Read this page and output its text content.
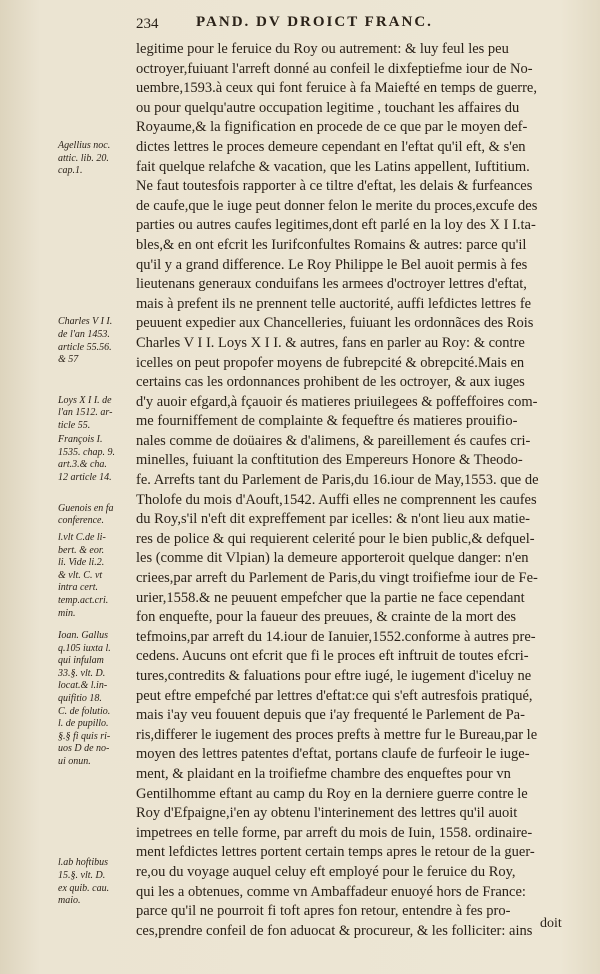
234	PAND. DV DROICT FRANC.
legitime pour le feruice du Roy ou autrement: & luy feul les peu
octroyer,fuiuant l'arreft donné au confeil le dixfeptiefme iour de No-
uembre,1593.à ceux qui font feruice à fa Maiefté en temps de guerre,
ou pour quelqu'autre occupation legitime , touchant les affaires du
Royaume,& la fignification en procede de ce que par le moyen def-
dictes lettres le proces demeure cependant en l'eftat qu'il eft, & s'en
fait quelque relafche & vacation, que les Latins appellent, Iuftitium.
Ne faut toutesfois rapporter à ce tiltre d'eftat, les delais & furfeances
de caufe,que le iuge peut donner felon le merite du proces,excufe des
parties ou autres caufes legitimes,dont eft parlé en la loy des X I I.ta-
bles,& en ont efcrit les Iurifconfultes Romains & autres: parce qu'il
qu'il y a grand difference. Le Roy Philippe le Bel auoit permis à fes
lieutenans generaux conduifans les armees d'octroyer lettres d'eftat,
mais à prefent ils ne prennent telle auctorité, auffi lefdictes lettres fe
peuuent expedier aux Chancelleries, fuiuant les ordonnãces des Rois
Charles V I I. Loys X I I. & autres, fans en parler au Roy: & contre
icelles on peut propofer moyens de fubrepcité & obrepcité.Mais en
certains cas les ordonnances prohibent de les octroyer, & aux iuges
d'y auoir efgard,à fçauoir és matieres priuilegees & poffeffoires com-
me fourniffement de complainte & fequeftre és matieres prouifio-
nales comme de doüaires & d'alimens, & pareillement és caufes cri-
minelles, fuiuant la conftitution des Empereurs Honore & Theodo-
fe. Arrefts tant du Parlement de Paris,du 16.iour de May,1553. que de
Tholofe du mois d'Aouft,1542. Auffi elles ne comprennent les caufes
du Roy,s'il n'eft dit expreffement par icelles: & n'ont lieu aux matie-
res de police & qui requierent celerité pour le bien public,& defquel-
les (comme dit Vlpian) la demeure apporteroit quelque danger: n'en
criees,par arreft du Parlement de Paris,du vingt troifiefme iour de Fe-
urier,1558.& ne peuuent empefcher que la partie ne face cependant
fon enquefte, pour la faueur des preuues, & crainte de la mort des
tefmoins,par arreft du 14.iour de Ianuier,1552.conforme à autres pre-
cedens. Aucuns ont efcrit que fi le proces eft inftruit de toutes efcri-
tures,contredits & faluations pour eftre iugé, le iugement d'iceluy ne
peut eftre empefché par lettres d'eftat:ce qui s'eft autresfois pratiqué,
mais i'ay veu fouuent depuis que i'ay frequenté le Parlement de Pa-
ris,differer le iugement des proces prefts à mettre fur le Bureau,par le
moyen des lettres patentes d'eftat, portans claufe de furfeoir le iuge-
ment, & plaidant en la troifiefme chambre des enqueftes pour vn
Gentilhomme eftant au camp du Roy en la derniere guerre contre le
Roy d'Efpaigne,i'en ay obtenu l'interinement des lettres qu'il auoit
impetrees en telle forme, par arreft du mois de Iuin, 1558. ordinaire-
ment lefdictes lettres portent certain temps apres le retour de la guer-
re,ou du voyage auquel celuy eft employé pour le feruice du Roy,
qui les a obtenues, comme vn Ambaffadeur enuoyé hors de France:
parce qu'il ne pourroit fi toft apres fon retour, entendre à fes pro-
ces,prendre confeil de fon aduocat & procureur, & les folliciter: ains
Agellius noc.
attic. lib. 20.
cap.1.
Charles V I I.
de l'an 1453.
article 55.56.
& 57
Loys X I I. de
l'an 1512. ar-
ticle 55.
François I.
1535. chap. 9.
art.3.& cha.
12 article 14.
Guenois en fa
conference.
l.vlt C.de li-
bert. & eor.
li. Vide li.2.
& vlt. C. vt
intra cert.
temp.act.cri.
min.
Ioan. Gallus
q.105 iuxta l.
qui infulam
33.§. vlt. D.
locat.& l.in-
quifitio 18.
C. de folutio.
l. de pupillo.
§.§ fi quis ri-
uos D de no-
ui onun.
l.ab hoftibus
15.§. vlt. D.
ex quib. cau.
maio.
doit
